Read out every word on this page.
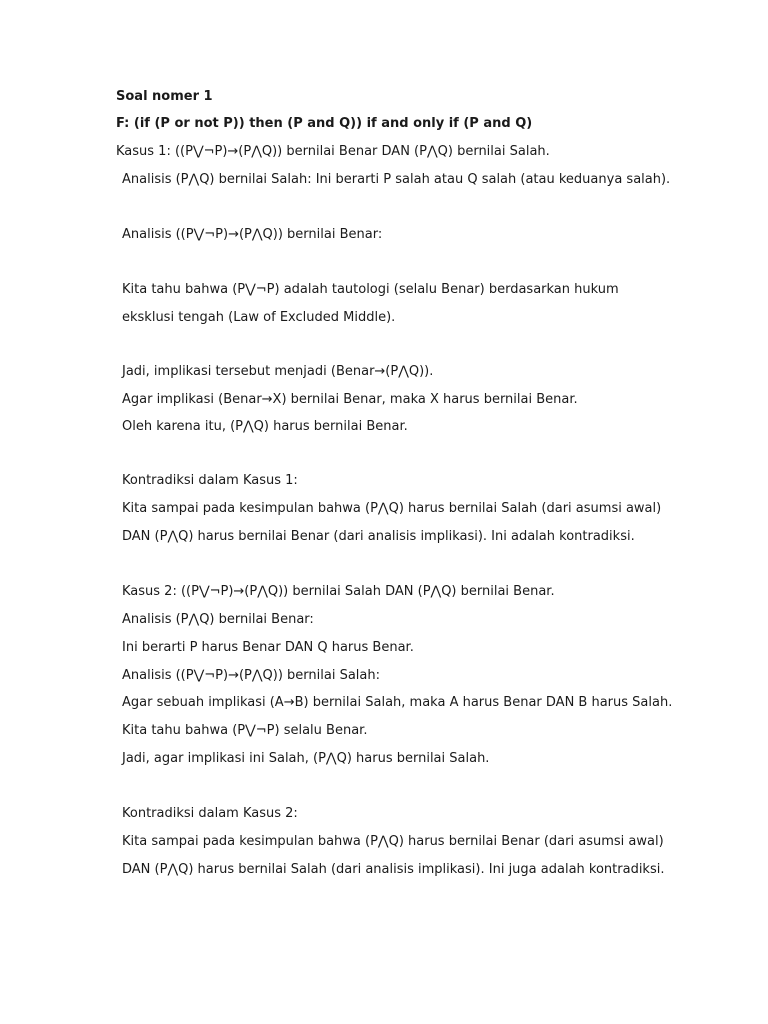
Soal nomer 1
F: (if (P or not P)) then (P and Q)) if and only if (P and Q)
Kasus 1: ((P⋁¬P)→(P⋀Q)) bernilai Benar DAN (P⋀Q) bernilai Salah.
Analisis (P⋀Q) bernilai Salah: Ini berarti P salah atau Q salah (atau keduanya salah).
Analisis ((P⋁¬P)→(P⋀Q)) bernilai Benar:
Kita tahu bahwa (P⋁¬P) adalah tautologi (selalu Benar) berdasarkan hukum
eksklusi tengah (Law of Excluded Middle).
Jadi, implikasi tersebut menjadi (Benar→(P⋀Q)).
Agar implikasi (Benar→X) bernilai Benar, maka X harus bernilai Benar.
Oleh karena itu, (P⋀Q) harus bernilai Benar.
Kontradiksi dalam Kasus 1:
Kita sampai pada kesimpulan bahwa (P⋀Q) harus bernilai Salah (dari asumsi awal)
DAN (P⋀Q) harus bernilai Benar (dari analisis implikasi). Ini adalah kontradiksi.
Kasus 2: ((P⋁¬P)→(P⋀Q)) bernilai Salah DAN (P⋀Q) bernilai Benar.
Analisis (P⋀Q) bernilai Benar:
Ini berarti P harus Benar DAN Q harus Benar.
Analisis ((P⋁¬P)→(P⋀Q)) bernilai Salah:
Agar sebuah implikasi (A→B) bernilai Salah, maka A harus Benar DAN B harus Salah.
Kita tahu bahwa (P⋁¬P) selalu Benar.
Jadi, agar implikasi ini Salah, (P⋀Q) harus bernilai Salah.
Kontradiksi dalam Kasus 2:
Kita sampai pada kesimpulan bahwa (P⋀Q) harus bernilai Benar (dari asumsi awal)
DAN (P⋀Q) harus bernilai Salah (dari analisis implikasi). Ini juga adalah kontradiksi.
